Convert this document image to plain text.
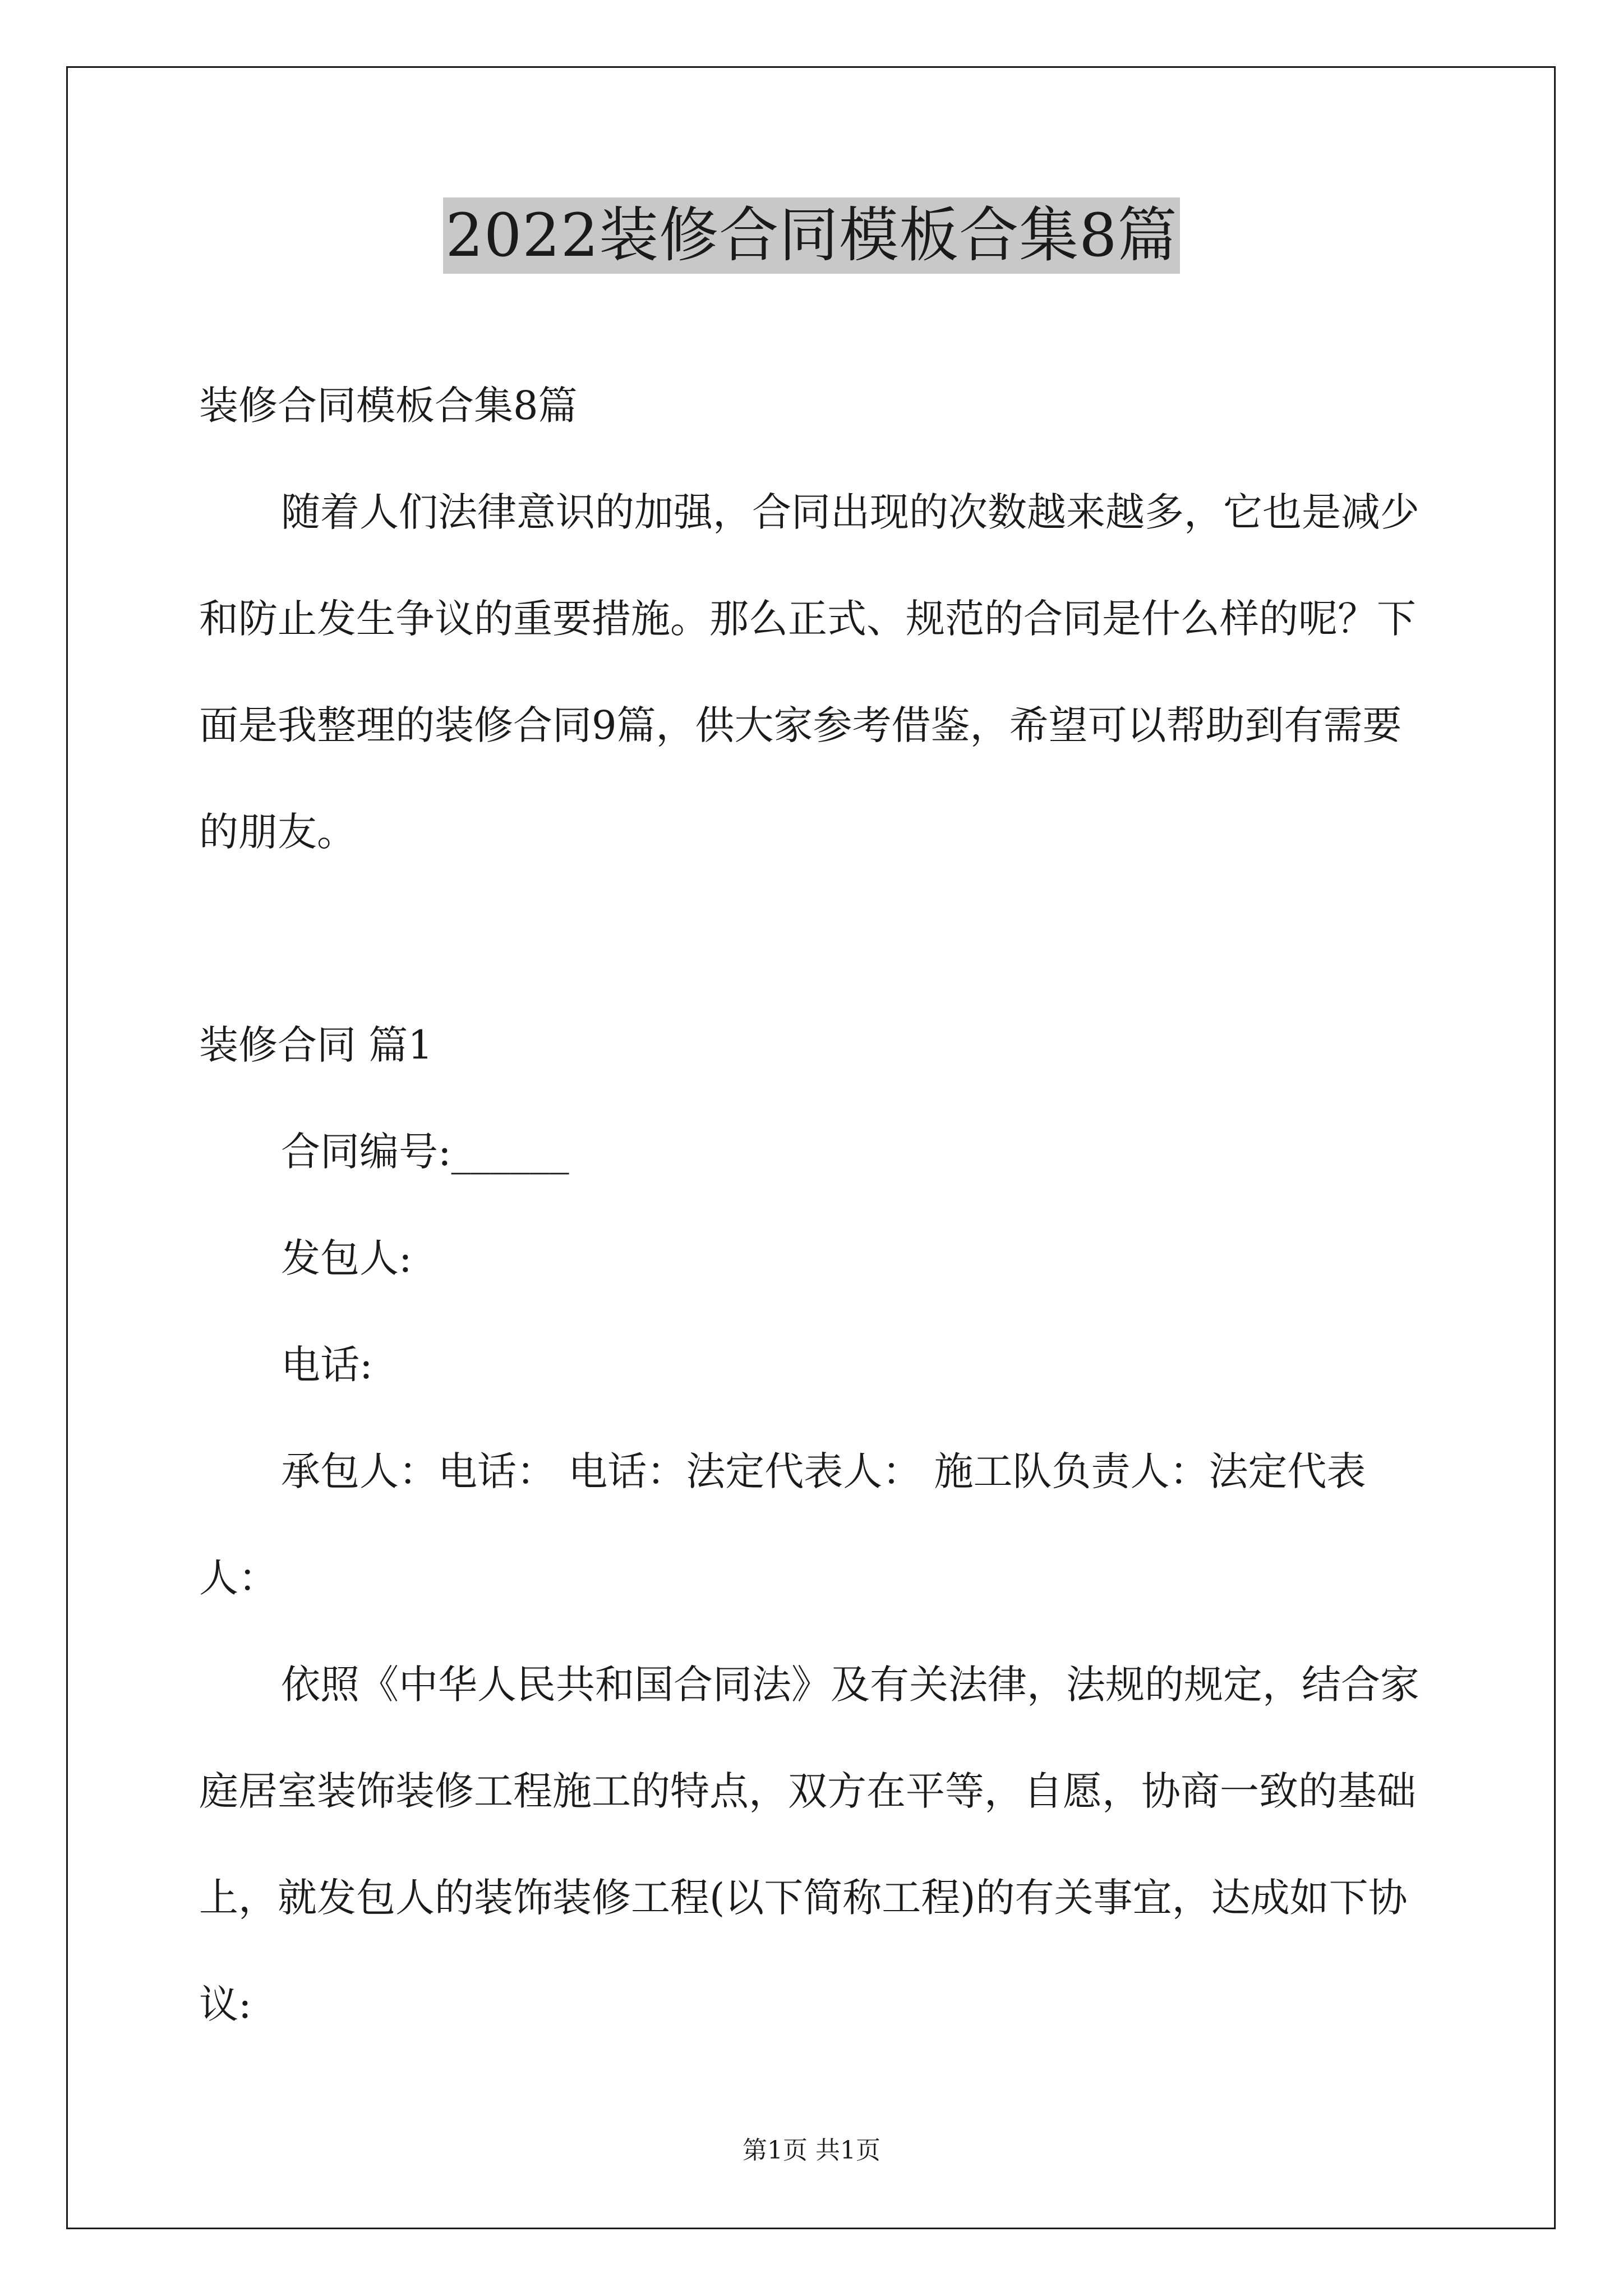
2022装修合同模板合集8篇

装修合同模板合集8篇

随着人们法律意识的加强，合同出现的次数越来越多，它也是减少和防止发生争议的重要措施。那么正式、规范的合同是什么样的呢？下面是我整理的装修合同9篇，供大家参考借鉴，希望可以帮助到有需要的朋友。

装修合同 篇1

合同编号:______

发包人:

电话:

承包人：电话： 电话：法定代表人： 施工队负责人：法定代表人：

依照《中华人民共和国合同法》及有关法律，法规的规定，结合家庭居室装饰装修工程施工的特点，双方在平等，自愿，协商一致的基础上，就发包人的装饰装修工程(以下简称工程)的有关事宜，达成如下协议:

第1页 共1页
